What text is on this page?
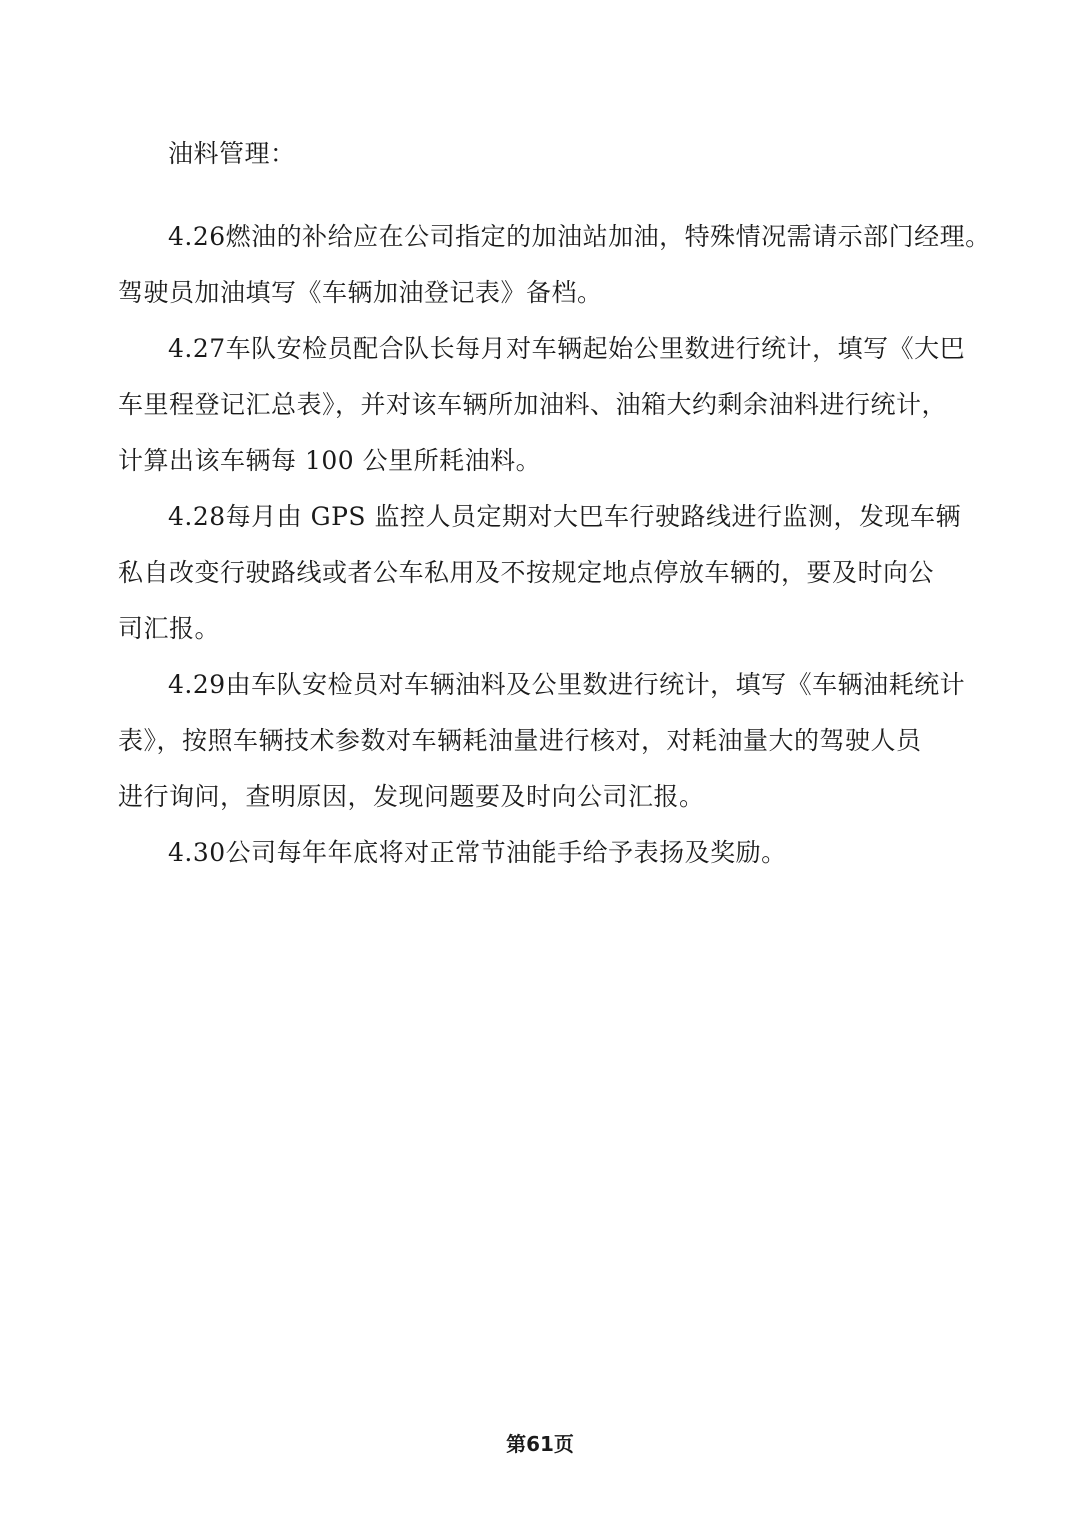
油料管理：
4.26燃油的补给应在公司指定的加油站加油，特殊情况需请示部门经理。
驾驶员加油填写《车辆加油登记表》备档。
4.27车队安检员配合队长每月对车辆起始公里数进行统计，填写《大巴
车里程登记汇总表》，并对该车辆所加油料、油箱大约剩余油料进行统计，
计算出该车辆每 100 公里所耗油料。
4.28每月由 GPS 监控人员定期对大巴车行驶路线进行监测，发现车辆
私自改变行驶路线或者公车私用及不按规定地点停放车辆的，要及时向公
司汇报。
4.29由车队安检员对车辆油料及公里数进行统计，填写《车辆油耗统计
表》，按照车辆技术参数对车辆耗油量进行核对，对耗油量大的驾驶人员
进行询问，查明原因，发现问题要及时向公司汇报。
4.30公司每年年底将对正常节油能手给予表扬及奖励。
第61页
